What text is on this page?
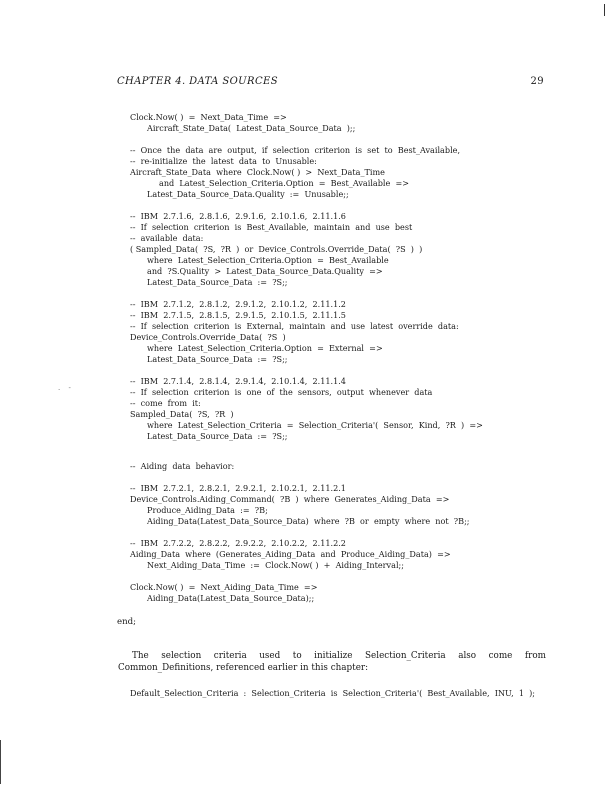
CHAPTER 4. DATA SOURCES	29
. -
Clock.Now( )  =  Next_Data_Time  =>
Aircraft_State_Data(  Latest_Data_Source_Data  );;
--  Once  the  data  are  output,  if  selection  criterion  is  set  to  Best_Available,
--  re-initialize  the  latest  data  to  Unusable:
Aircraft_State_Data  where  Clock.Now( )  >  Next_Data_Time
and  Latest_Selection_Criteria.Option  =  Best_Available  =>
Latest_Data_Source_Data.Quality  :=  Unusable;;
--  IBM  2.7.1.6,  2.8.1.6,  2.9.1.6,  2.10.1.6,  2.11.1.6
--  If  selection  criterion  is  Best_Available,  maintain  and  use  best
--  available  data:
( Sampled_Data(  ?S,  ?R  )  or  Device_Controls.Override_Data(  ?S  )  )
where  Latest_Selection_Criteria.Option  =  Best_Available
and  ?S.Quality  >  Latest_Data_Source_Data.Quality  =>
Latest_Data_Source_Data  :=  ?S;;
--  IBM  2.7.1.2,  2.8.1.2,  2.9.1.2,  2.10.1.2,  2.11.1.2
--  IBM  2.7.1.5,  2.8.1.5,  2.9.1.5,  2.10.1.5,  2.11.1.5
--  If  selection  criterion  is  External,  maintain  and  use  latest  override  data:
Device_Controls.Override_Data(  ?S  )
where  Latest_Selection_Criteria.Option  =  External  =>
Latest_Data_Source_Data  :=  ?S;;
--  IBM  2.7.1.4,  2.8.1.4,  2.9.1.4,  2.10.1.4,  2.11.1.4
--  If  selection  criterion  is  one  of  the  sensors,  output  whenever  data
--  come  from  it:
Sampled_Data(  ?S,  ?R  )
where  Latest_Selection_Criteria  =  Selection_Criteria'(  Sensor,  Kind,  ?R  )  =>
Latest_Data_Source_Data  :=  ?S;;
--  Aiding  data  behavior:
--  IBM  2.7.2.1,  2.8.2.1,  2.9.2.1,  2.10.2.1,  2.11.2.1
Device_Controls.Aiding_Command(  ?B  )  where  Generates_Aiding_Data  =>
Produce_Aiding_Data  :=  ?B;
Aiding_Data(Latest_Data_Source_Data)  where  ?B  or  empty  where  not  ?B;;
--  IBM  2.7.2.2,  2.8.2.2,  2.9.2.2,  2.10.2.2,  2.11.2.2
Aiding_Data  where  (Generates_Aiding_Data  and  Produce_Aiding_Data)  =>
Next_Aiding_Data_Time  :=  Clock.Now( )  +  Aiding_Interval;;
Clock.Now( )  =  Next_Aiding_Data_Time  =>
Aiding_Data(Latest_Data_Source_Data);;
end;
The selection criteria used to initialize Selection_Criteria also come from Common_Definitions, referenced earlier in this chapter:
Default_Selection_Criteria  :  Selection_Criteria  is  Selection_Criteria'(  Best_Available,  INU,  1  );
